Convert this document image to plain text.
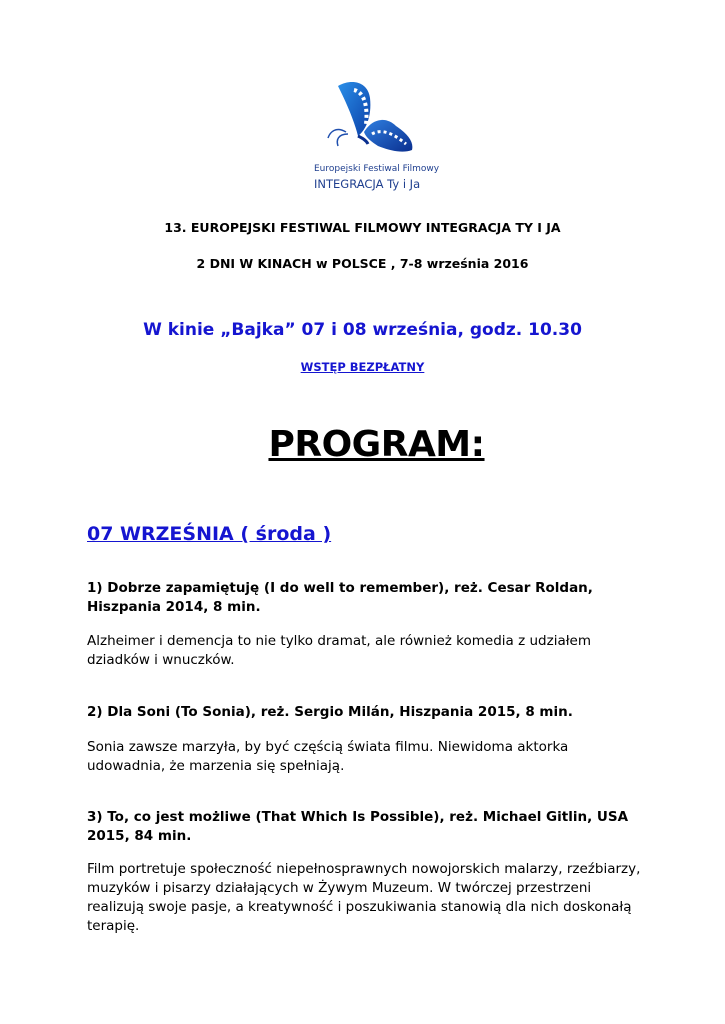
Europejski Festiwal Filmowy
INTEGRACJA Ty i Ja
13. EUROPEJSKI FESTIWAL FILMOWY INTEGRACJA TY I JA
2 DNI W KINACH w POLSCE , 7-8 września 2016
W kinie „Bajka” 07 i 08 września, godz. 10.30
WSTĘP BEZPŁATNY
PROGRAM:
07 WRZEŚNIA ( środa )
1) Dobrze zapamiętuję (I do well to remember), reż. Cesar Roldan, Hiszpania 2014, 8 min.
Alzheimer i demencja to nie tylko dramat, ale również komedia z udziałem dziadków i wnuczków.
2) Dla Soni (To Sonia), reż. Sergio Milán, Hiszpania 2015, 8 min.
Sonia zawsze marzyła, by być częścią świata filmu. Niewidoma aktorka udowadnia, że marzenia się spełniają.
3) To, co jest możliwe (That Which Is Possible), reż. Michael Gitlin, USA 2015, 84 min.
Film portretuje społeczność niepełnosprawnych nowojorskich malarzy, rzeźbiarzy, muzyków i pisarzy działających w Żywym Muzeum. W twórczej przestrzeni realizują swoje pasje, a kreatywność i poszukiwania stanowią dla nich doskonałą terapię.
